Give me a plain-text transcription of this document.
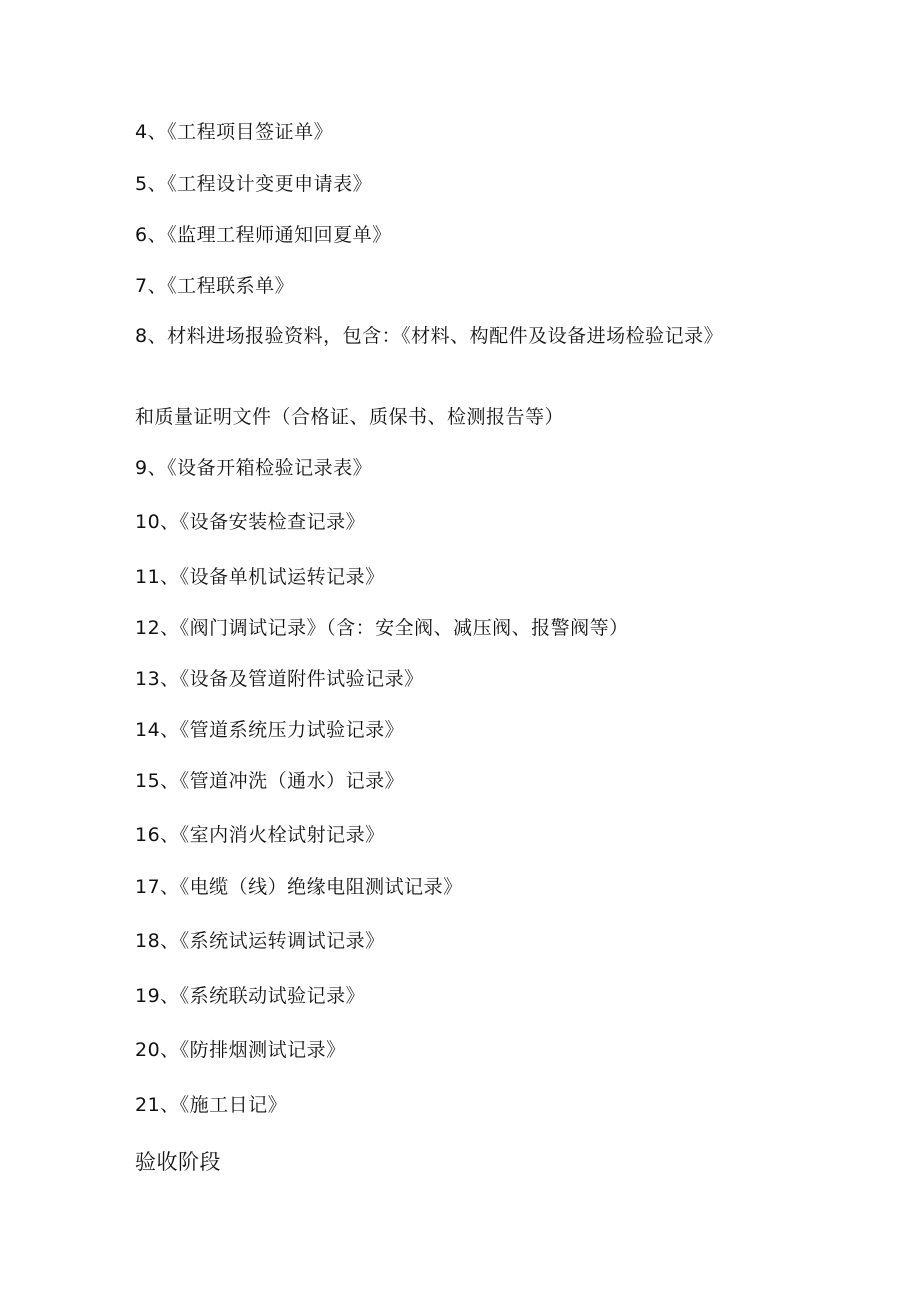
4、《工程项目签证单》
5、《工程设计变更申请表》
6、《监理工程师通知回夏单》
7、《工程联系单》
8、材料进场报验资料，包含：《材料、构配件及设备进场检验记录》
和质量证明文件（合格证、质保书、检测报告等）
9、《设备开箱检验记录表》
10、《设备安装检查记录》
11、《设备单机试运转记录》
12、《阀门调试记录》（含：安全阀、减压阀、报警阀等）
13、《设备及管道附件试验记录》
14、《管道系统压力试验记录》
15、《管道冲洗（通水）记录》
16、《室内消火栓试射记录》
17、《电缆（线）绝缘电阻测试记录》
18、《系统试运转调试记录》
19、《系统联动试验记录》
20、《防排烟测试记录》
21、《施工日记》
验收阶段
